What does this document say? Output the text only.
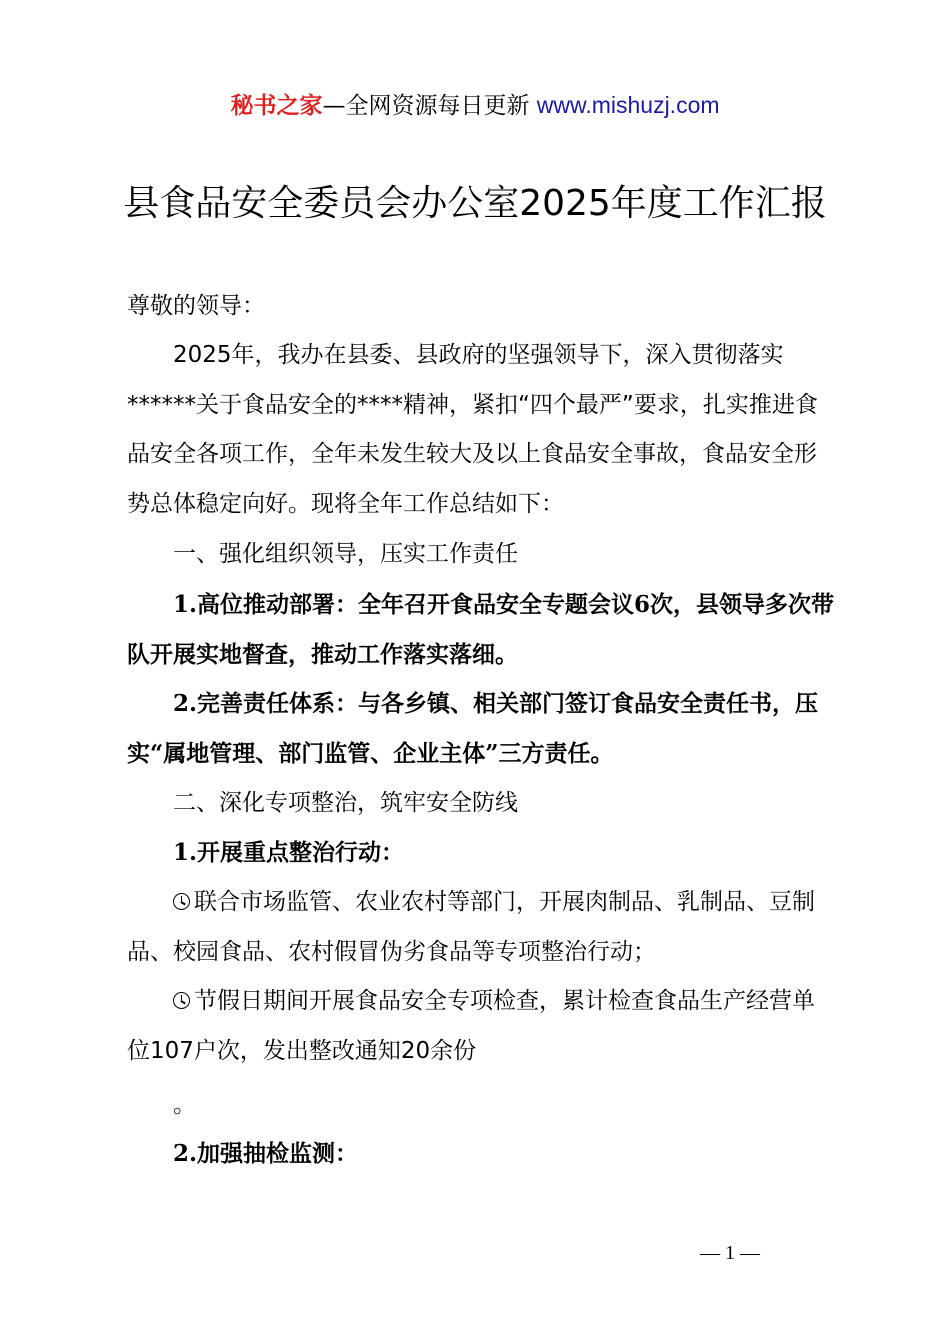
秘书之家—全网资源每日更新 www.mishuzj.com
县食品安全委员会办公室2025年度工作汇报
尊敬的领导：
2025年，我办在县委、县政府的坚强领导下，深入贯彻落实******关于食品安全的****精神，紧扣“四个最严”要求，扎实推进食品安全各项工作，全年未发生较大及以上食品安全事故，食品安全形势总体稳定向好。现将全年工作总结如下：
一、强化组织领导，压实工作责任
1.高位推动部署：全年召开食品安全专题会议6次，县领导多次带队开展实地督查，推动工作落实落细。
2.完善责任体系：与各乡镇、相关部门签订食品安全责任书，压实“属地管理、部门监管、企业主体”三方责任。
二、深化专项整治，筑牢安全防线
1.开展重点整治行动：
联合市场监管、农业农村等部门，开展肉制品、乳制品、豆制品、校园食品、农村假冒伪劣食品等专项整治行动；
节假日期间开展食品安全专项检查，累计检查食品生产经营单位107户次，发出整改通知20余份
。
2.加强抽检监测：
— 1 —
